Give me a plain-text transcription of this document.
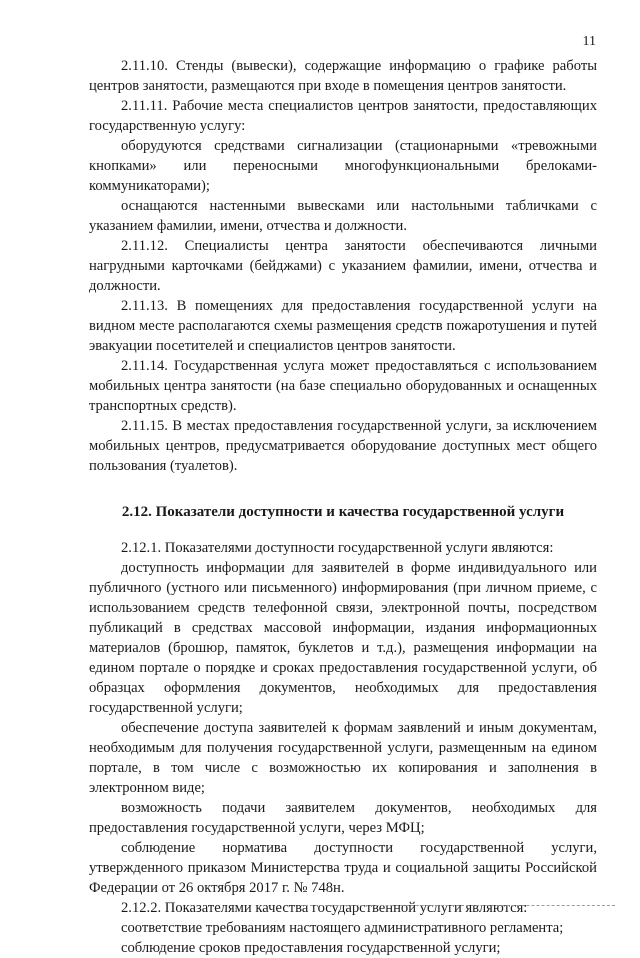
11

2.11.10. Стенды (вывески), содержащие информацию о графике работы центров занятости, размещаются при входе в помещения центров занятости.

2.11.11. Рабочие места специалистов центров занятости, предоставляющих государственную услугу:

оборудуются средствами сигнализации (стационарными «тревожными кнопками» или переносными многофункциональными брелоками-коммуникаторами);

оснащаются настенными вывесками или настольными табличками с указанием фамилии, имени, отчества и должности.

2.11.12. Специалисты центра занятости обеспечиваются личными нагрудными карточками (бейджами) с указанием фамилии, имени, отчества и должности.

2.11.13. В помещениях для предоставления государственной услуги на видном месте располагаются схемы размещения средств пожаротушения и путей эвакуации посетителей и специалистов центров занятости.

2.11.14. Государственная услуга может предоставляться с использованием мобильных центра занятости (на базе специально оборудованных и оснащенных транспортных средств).

2.11.15. В местах предоставления государственной услуги, за исключением мобильных центров, предусматривается оборудование доступных мест общего пользования (туалетов).

2.12. Показатели доступности и качества государственной услуги

2.12.1. Показателями доступности государственной услуги являются:

доступность информации для заявителей в форме индивидуального или публичного (устного или письменного) информирования (при личном приеме, с использованием средств телефонной связи, электронной почты, посредством публикаций в средствах массовой информации, издания информационных материалов (брошюр, памяток, буклетов и т.д.), размещения информации на едином портале о порядке и сроках предоставления государственной услуги, об образцах оформления документов, необходимых для предоставления государственной услуги;

обеспечение доступа заявителей к формам заявлений и иным документам, необходимым для получения государственной услуги, размещенным на едином портале, в том числе с возможностью их копирования и заполнения в электронном виде;

возможность подачи заявителем документов, необходимых для предоставления государственной услуги, через МФЦ;

соблюдение норматива доступности государственной услуги, утвержденного приказом Министерства труда и социальной защиты Российской Федерации от 26 октября 2017 г. № 748н.

2.12.2. Показателями качества государственной услуги являются:

соответствие требованиям настоящего административного регламента;

соблюдение сроков предоставления государственной услуги;
